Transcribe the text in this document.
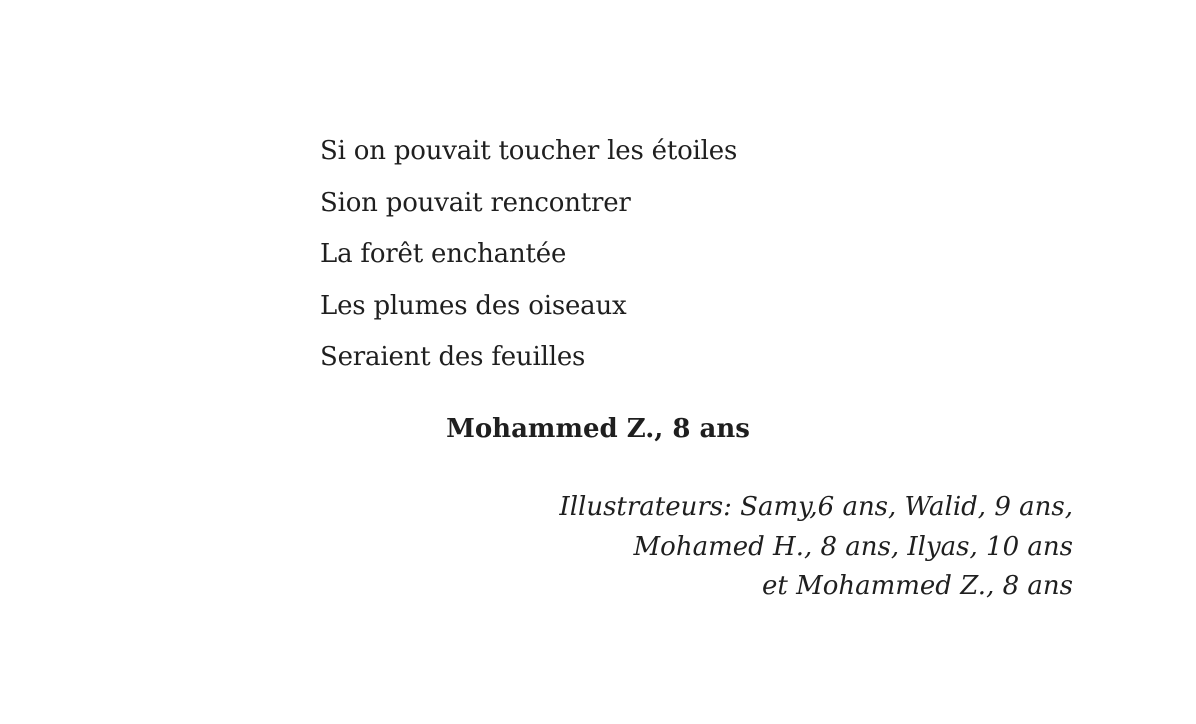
Si on pouvait toucher les étoiles
Sion pouvait rencontrer
La forêt enchantée
Les plumes des oiseaux
Seraient des feuilles
Mohammed Z., 8 ans
Illustrateurs: Samy,6 ans, Walid, 9 ans,
Mohamed H., 8 ans, Ilyas, 10 ans
et Mohammed Z., 8 ans
